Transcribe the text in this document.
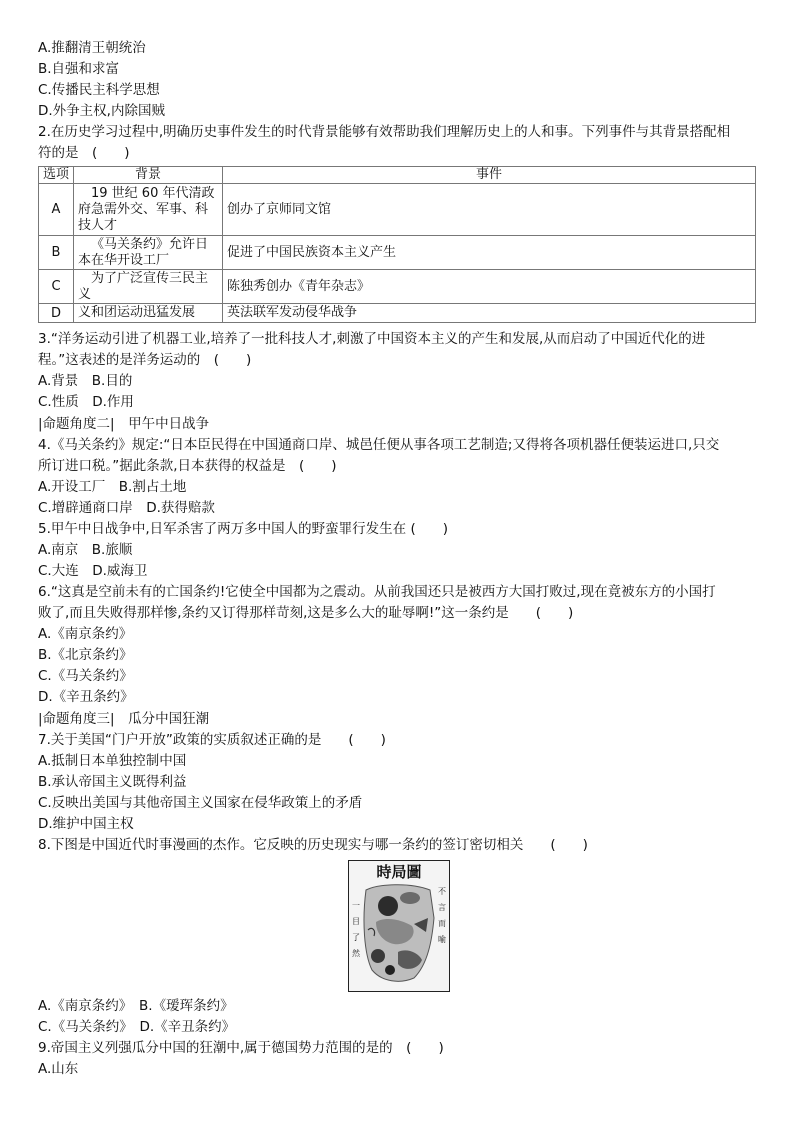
A.推翻清王朝统治
B.自强和求富
C.传播民主科学思想
D.外争主权,内除国贼
2.在历史学习过程中,明确历史事件发生的时代背景能够有效帮助我们理解历史上的人和事。下列事件与其背景搭配相
符的是　(　　)
选项	背景	事件
A	19 世纪 60 年代清政府急需外交、军事、科技人才	创办了京师同文馆
B	《马关条约》允许日本在华开设工厂	促进了中国民族资本主义产生
C	为了广泛宣传三民主义	陈独秀创办《青年杂志》
D	义和团运动迅猛发展	英法联军发动侵华战争
3.“洋务运动引进了机器工业,培养了一批科技人才,刺激了中国资本主义的产生和发展,从而启动了中国近代化的进
程。”这表述的是洋务运动的　(　　)
A.背景　B.目的
C.性质　D.作用
|命题角度二|　甲午中日战争
4.《马关条约》规定:“日本臣民得在中国通商口岸、城邑任便从事各项工艺制造;又得将各项机器任便装运进口,只交
所订进口税。”据此条款,日本获得的权益是　(　　)
A.开设工厂　B.割占土地
C.增辟通商口岸　D.获得赔款
5.甲午中日战争中,日军杀害了两万多中国人的野蛮罪行发生在 (　　)
A.南京　B.旅顺
C.大连　D.威海卫
6.“这真是空前未有的亡国条约!它使全中国都为之震动。从前我国还只是被西方大国打败过,现在竟被东方的小国打
败了,而且失败得那样惨,条约又订得那样苛刻,这是多么大的耻辱啊!”这一条约是　　(　　)
A.《南京条约》
B.《北京条约》
C.《马关条约》
D.《辛丑条约》
|命题角度三|　瓜分中国狂潮
7.关于美国“门户开放”政策的实质叙述正确的是　　(　　)
A.抵制日本单独控制中国
B.承认帝国主义既得利益
C.反映出美国与其他帝国主义国家在侵华政策上的矛盾
D.维护中国主权
8.下图是中国近代时事漫画的杰作。它反映的历史现实与哪一条约的签订密切相关　　(　　)
時局圖
不
言
而
喻
一
目
了
然
A.《南京条约》　B.《瑷珲条约》
C.《马关条约》　D.《辛丑条约》
9.帝国主义列强瓜分中国的狂潮中,属于德国势力范围的是的　(　　)
A.山东
